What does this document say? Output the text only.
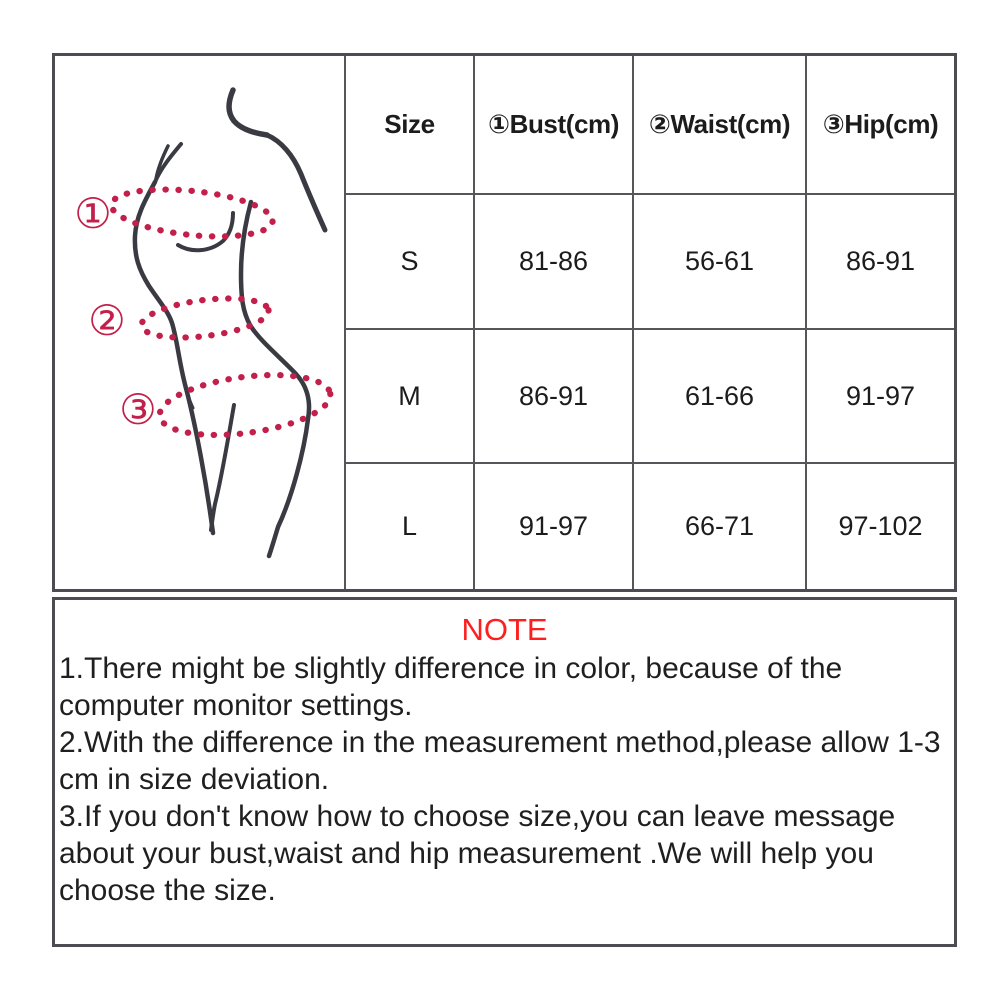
①
②
③
Size	①Bust(cm)	②Waist(cm)	③Hip(cm)
S	81-86	56-61	86-91
M	86-91	61-66	91-97
L	91-97	66-71	97-102
NOTE
1.There might be slightly difference in color, because of the computer monitor settings.
2.With the difference in the measurement method,please allow 1-3 cm in size deviation.
3.If you don't know how to choose size,you can leave message about your bust,waist and hip measurement .We will help you choose the size.
